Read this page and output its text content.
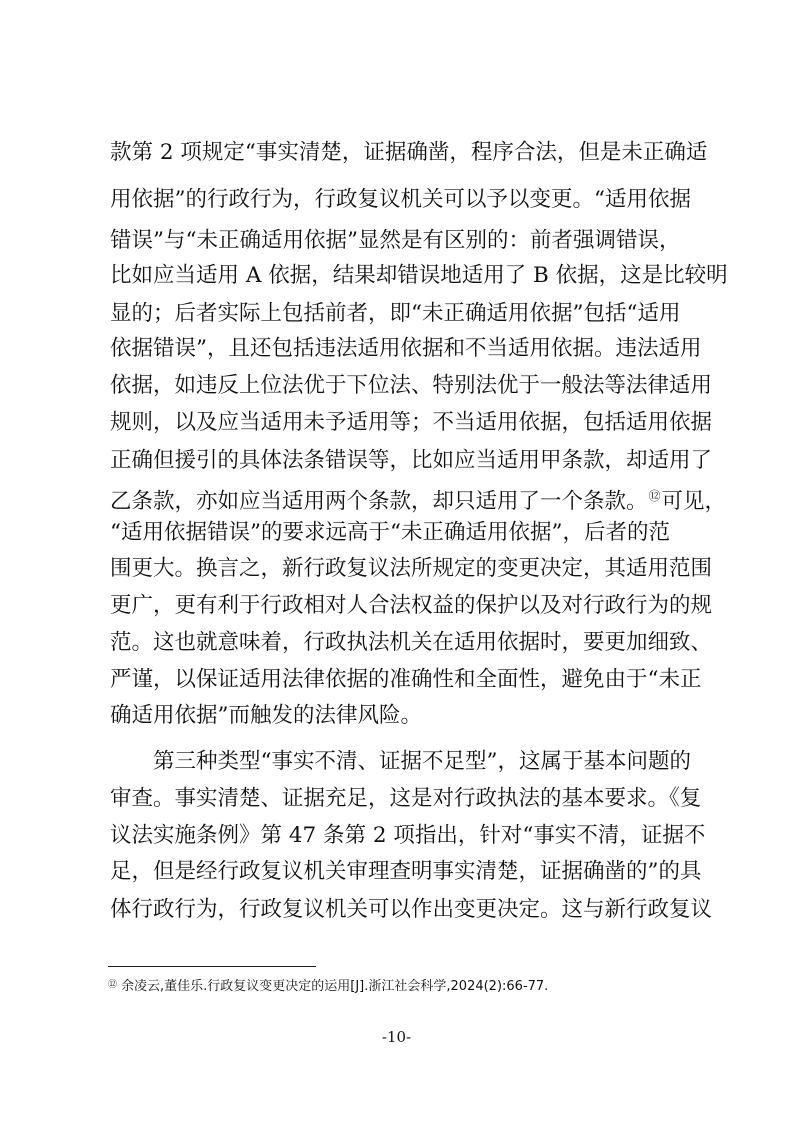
款第 2 项规定“事实清楚，证据确凿，程序合法，但是未正确适
用依据”的行政行为，行政复议机关可以予以变更。“适用依据
错误”与“未正确适用依据”显然是有区别的：前者强调错误，
比如应当适用 A 依据，结果却错误地适用了 B 依据，这是比较明
显的；后者实际上包括前者，即“未正确适用依据”包括“适用
依据错误”，且还包括违法适用依据和不当适用依据。违法适用
依据，如违反上位法优于下位法、特别法优于一般法等法律适用
规则，以及应当适用未予适用等；不当适用依据，包括适用依据
正确但援引的具体法条错误等，比如应当适用甲条款，却适用了
乙条款，亦如应当适用两个条款，却只适用了一个条款。⑫可见，
“适用依据错误”的要求远高于“未正确适用依据”，后者的范
围更大。换言之，新行政复议法所规定的变更决定，其适用范围
更广，更有利于行政相对人合法权益的保护以及对行政行为的规
范。这也就意味着，行政执法机关在适用依据时，要更加细致、
严谨，以保证适用法律依据的准确性和全面性，避免由于“未正
确适用依据”而触发的法律风险。
　　第三种类型“事实不清、证据不足型”，这属于基本问题的
审查。事实清楚、证据充足，这是对行政执法的基本要求。《复
议法实施条例》第 47 条第 2 项指出，针对“事实不清，证据不
足，但是经行政复议机关审理查明事实清楚，证据确凿的”的具
体行政行为，行政复议机关可以作出变更决定。这与新行政复议
⑫ 余凌云,董佳乐.行政复议变更决定的运用[J].浙江社会科学,2024(2):66-77.
-10-
